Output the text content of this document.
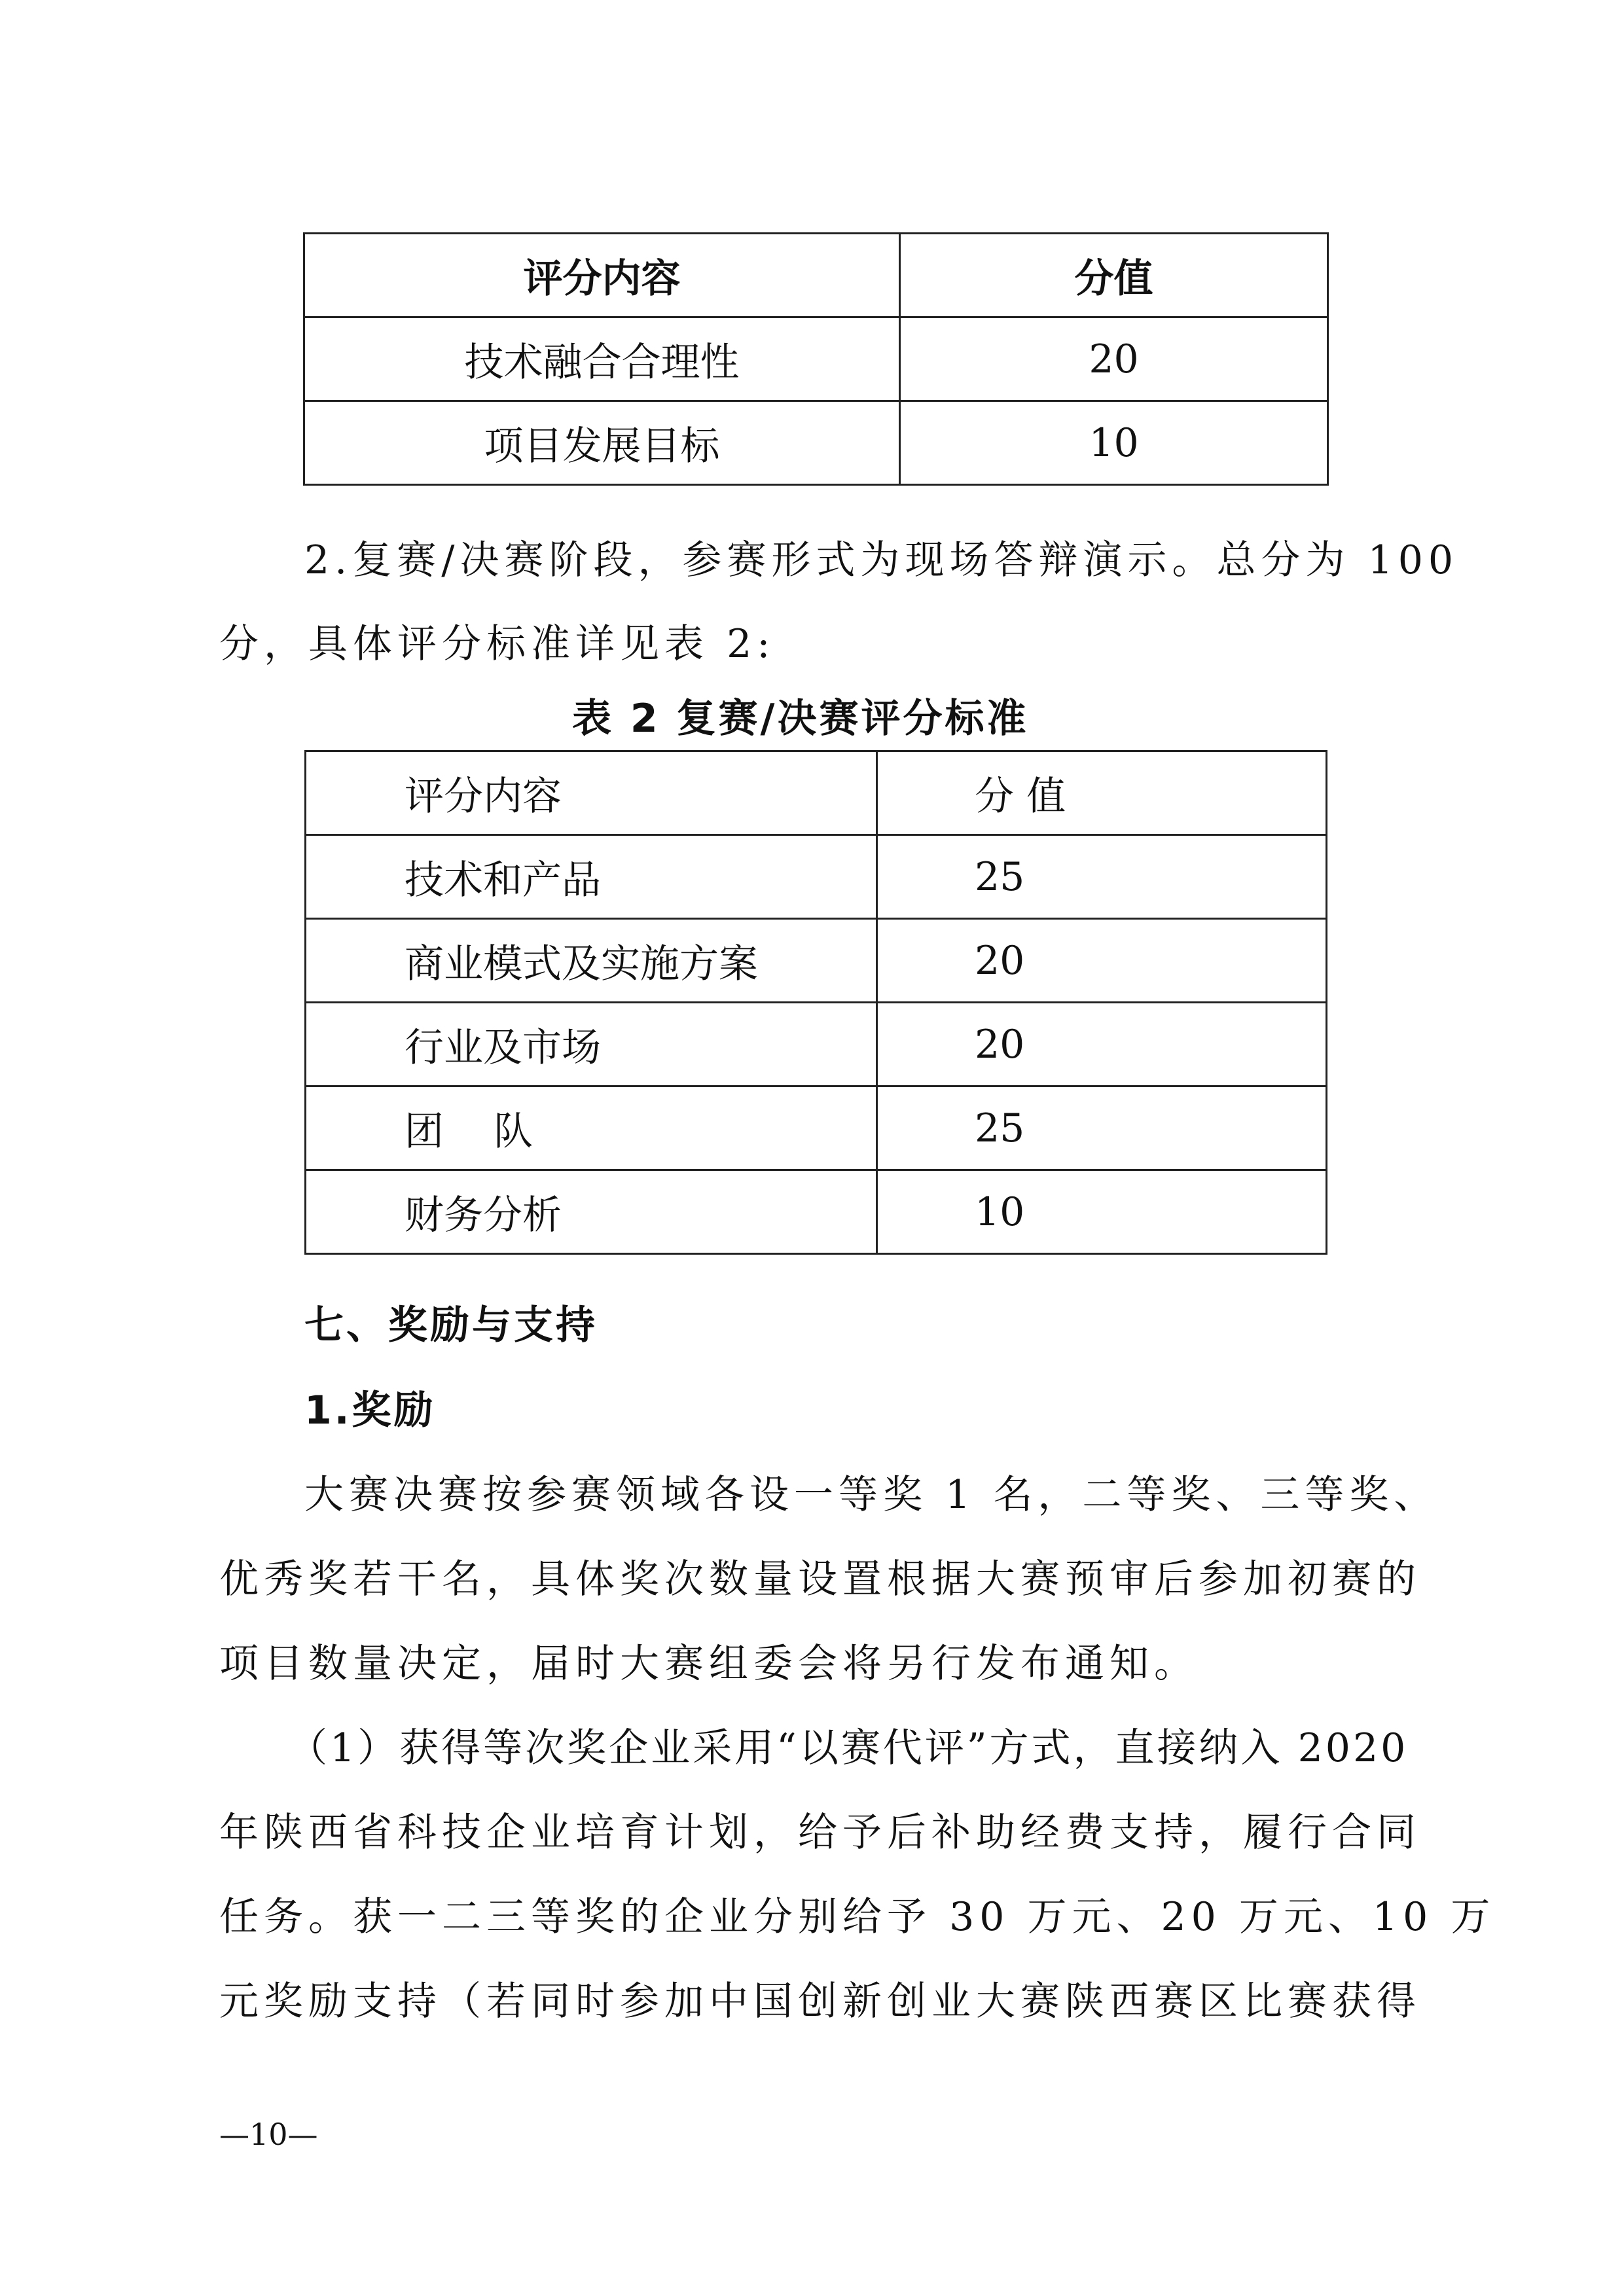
评分内容	分值
技术融合合理性	20
项目发展目标	10
2.复赛/决赛阶段，参赛形式为现场答辩演示。总分为 100
分，具体评分标准详见表 2:
表 2 复赛/决赛评分标准
评分内容	分 值
技术和产品	25
商业模式及实施方案	20
行业及市场	20
团    队	25
财务分析	10
七、奖励与支持
1.奖励
大赛决赛按参赛领域各设一等奖 1 名，二等奖、三等奖、
优秀奖若干名，具体奖次数量设置根据大赛预审后参加初赛的
项目数量决定，届时大赛组委会将另行发布通知。
（1）获得等次奖企业采用“以赛代评”方式，直接纳入 2020
年陕西省科技企业培育计划，给予后补助经费支持，履行合同
任务。获一二三等奖的企业分别给予 30 万元、20 万元、10 万
元奖励支持（若同时参加中国创新创业大赛陕西赛区比赛获得
—10—
